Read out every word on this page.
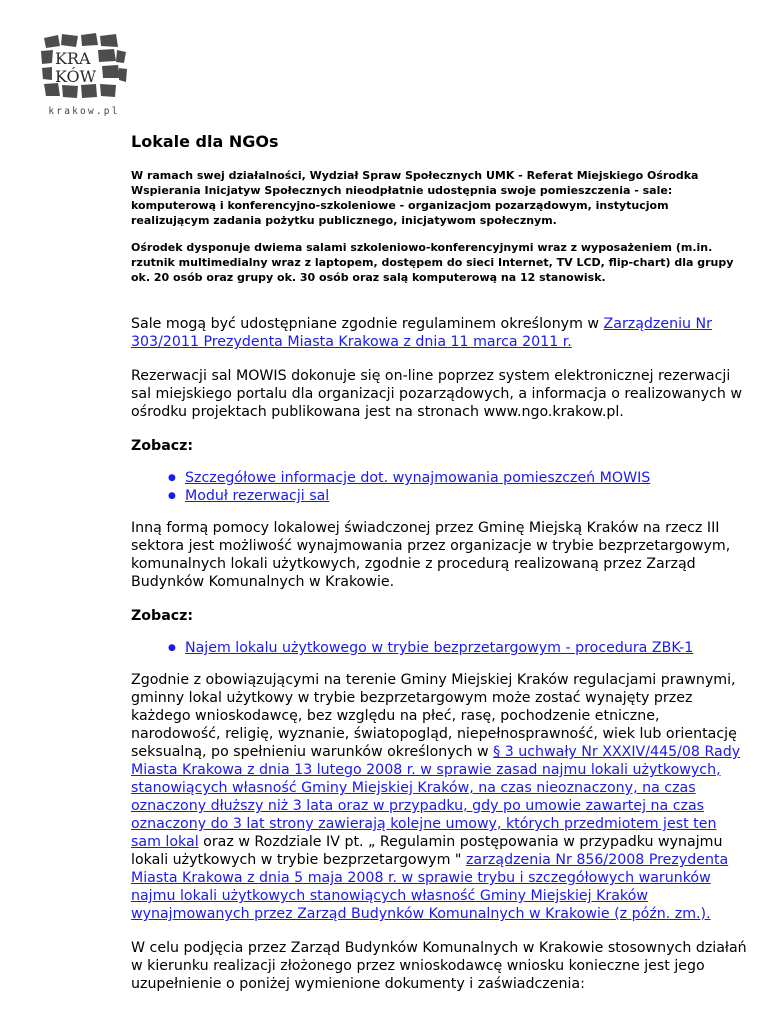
KRA
KÓW
krakow.pl
Lokale dla NGOs

W ramach swej działalności, Wydział Spraw Społecznych UMK - Referat Miejskiego Ośrodka Wspierania Inicjatyw Społecznych nieodpłatnie udostępnia swoje pomieszczenia - sale: komputerową i konferencyjno-szkoleniowe - organizacjom pozarządowym, instytucjom realizującym zadania pożytku publicznego, inicjatywom społecznym.

Ośrodek dysponuje dwiema salami szkoleniowo-konferencyjnymi wraz z wyposażeniem (m.in. rzutnik multimedialny wraz z laptopem, dostępem do sieci Internet, TV LCD, flip-chart) dla grupy ok. 20 osób oraz grupy ok. 30 osób oraz salą komputerową na 12 stanowisk.

Sale mogą być udostępniane zgodnie regulaminem określonym w Zarządzeniu Nr 303/2011 Prezydenta Miasta Krakowa z dnia 11 marca 2011 r.

Rezerwacji sal MOWIS dokonuje się on-line poprzez system elektronicznej rezerwacji sal miejskiego portalu dla organizacji pozarządowych, a informacja o realizowanych w ośrodku projektach publikowana jest na stronach www.ngo.krakow.pl.

Zobacz:
● Szczegółowe informacje dot. wynajmowania pomieszczeń MOWIS
● Moduł rezerwacji sal

Inną formą pomocy lokalowej świadczonej przez Gminę Miejską Kraków na rzecz III sektora jest możliwość wynajmowania przez organizacje w trybie bezprzetargowym, komunalnych lokali użytkowych, zgodnie z procedurą realizowaną przez Zarząd Budynków Komunalnych w Krakowie.

Zobacz:
● Najem lokalu użytkowego w trybie bezprzetargowym - procedura ZBK-1

Zgodnie z obowiązującymi na terenie Gminy Miejskiej Kraków regulacjami prawnymi, gminny lokal użytkowy w trybie bezprzetargowym może zostać wynajęty przez każdego wnioskodawcę, bez względu na płeć, rasę, pochodzenie etniczne, narodowość, religię, wyznanie, światopogląd, niepełnosprawność, wiek lub orientację seksualną, po spełnieniu warunków określonych w § 3 uchwały Nr XXXIV/445/08 Rady Miasta Krakowa z dnia 13 lutego 2008 r. w sprawie zasad najmu lokali użytkowych, stanowiących własność Gminy Miejskiej Kraków, na czas nieoznaczony, na czas oznaczony dłuższy niż 3 lata oraz w przypadku, gdy po umowie zawartej na czas oznaczony do 3 lat strony zawierają kolejne umowy, których przedmiotem jest ten sam lokal oraz w Rozdziale IV pt. „ Regulamin postępowania w przypadku wynajmu lokali użytkowych w trybie bezprzetargowym " zarządzenia Nr 856/2008 Prezydenta Miasta Krakowa z dnia 5 maja 2008 r. w sprawie trybu i szczegółowych warunków najmu lokali użytkowych stanowiących własność Gminy Miejskiej Kraków wynajmowanych przez Zarząd Budynków Komunalnych w Krakowie (z późn. zm.).

W celu podjęcia przez Zarząd Budynków Komunalnych w Krakowie stosownych działań w kierunku realizacji złożonego przez wnioskodawcę wniosku konieczne jest jego uzupełnienie o poniżej wymienione dokumenty i zaświadczenia:
